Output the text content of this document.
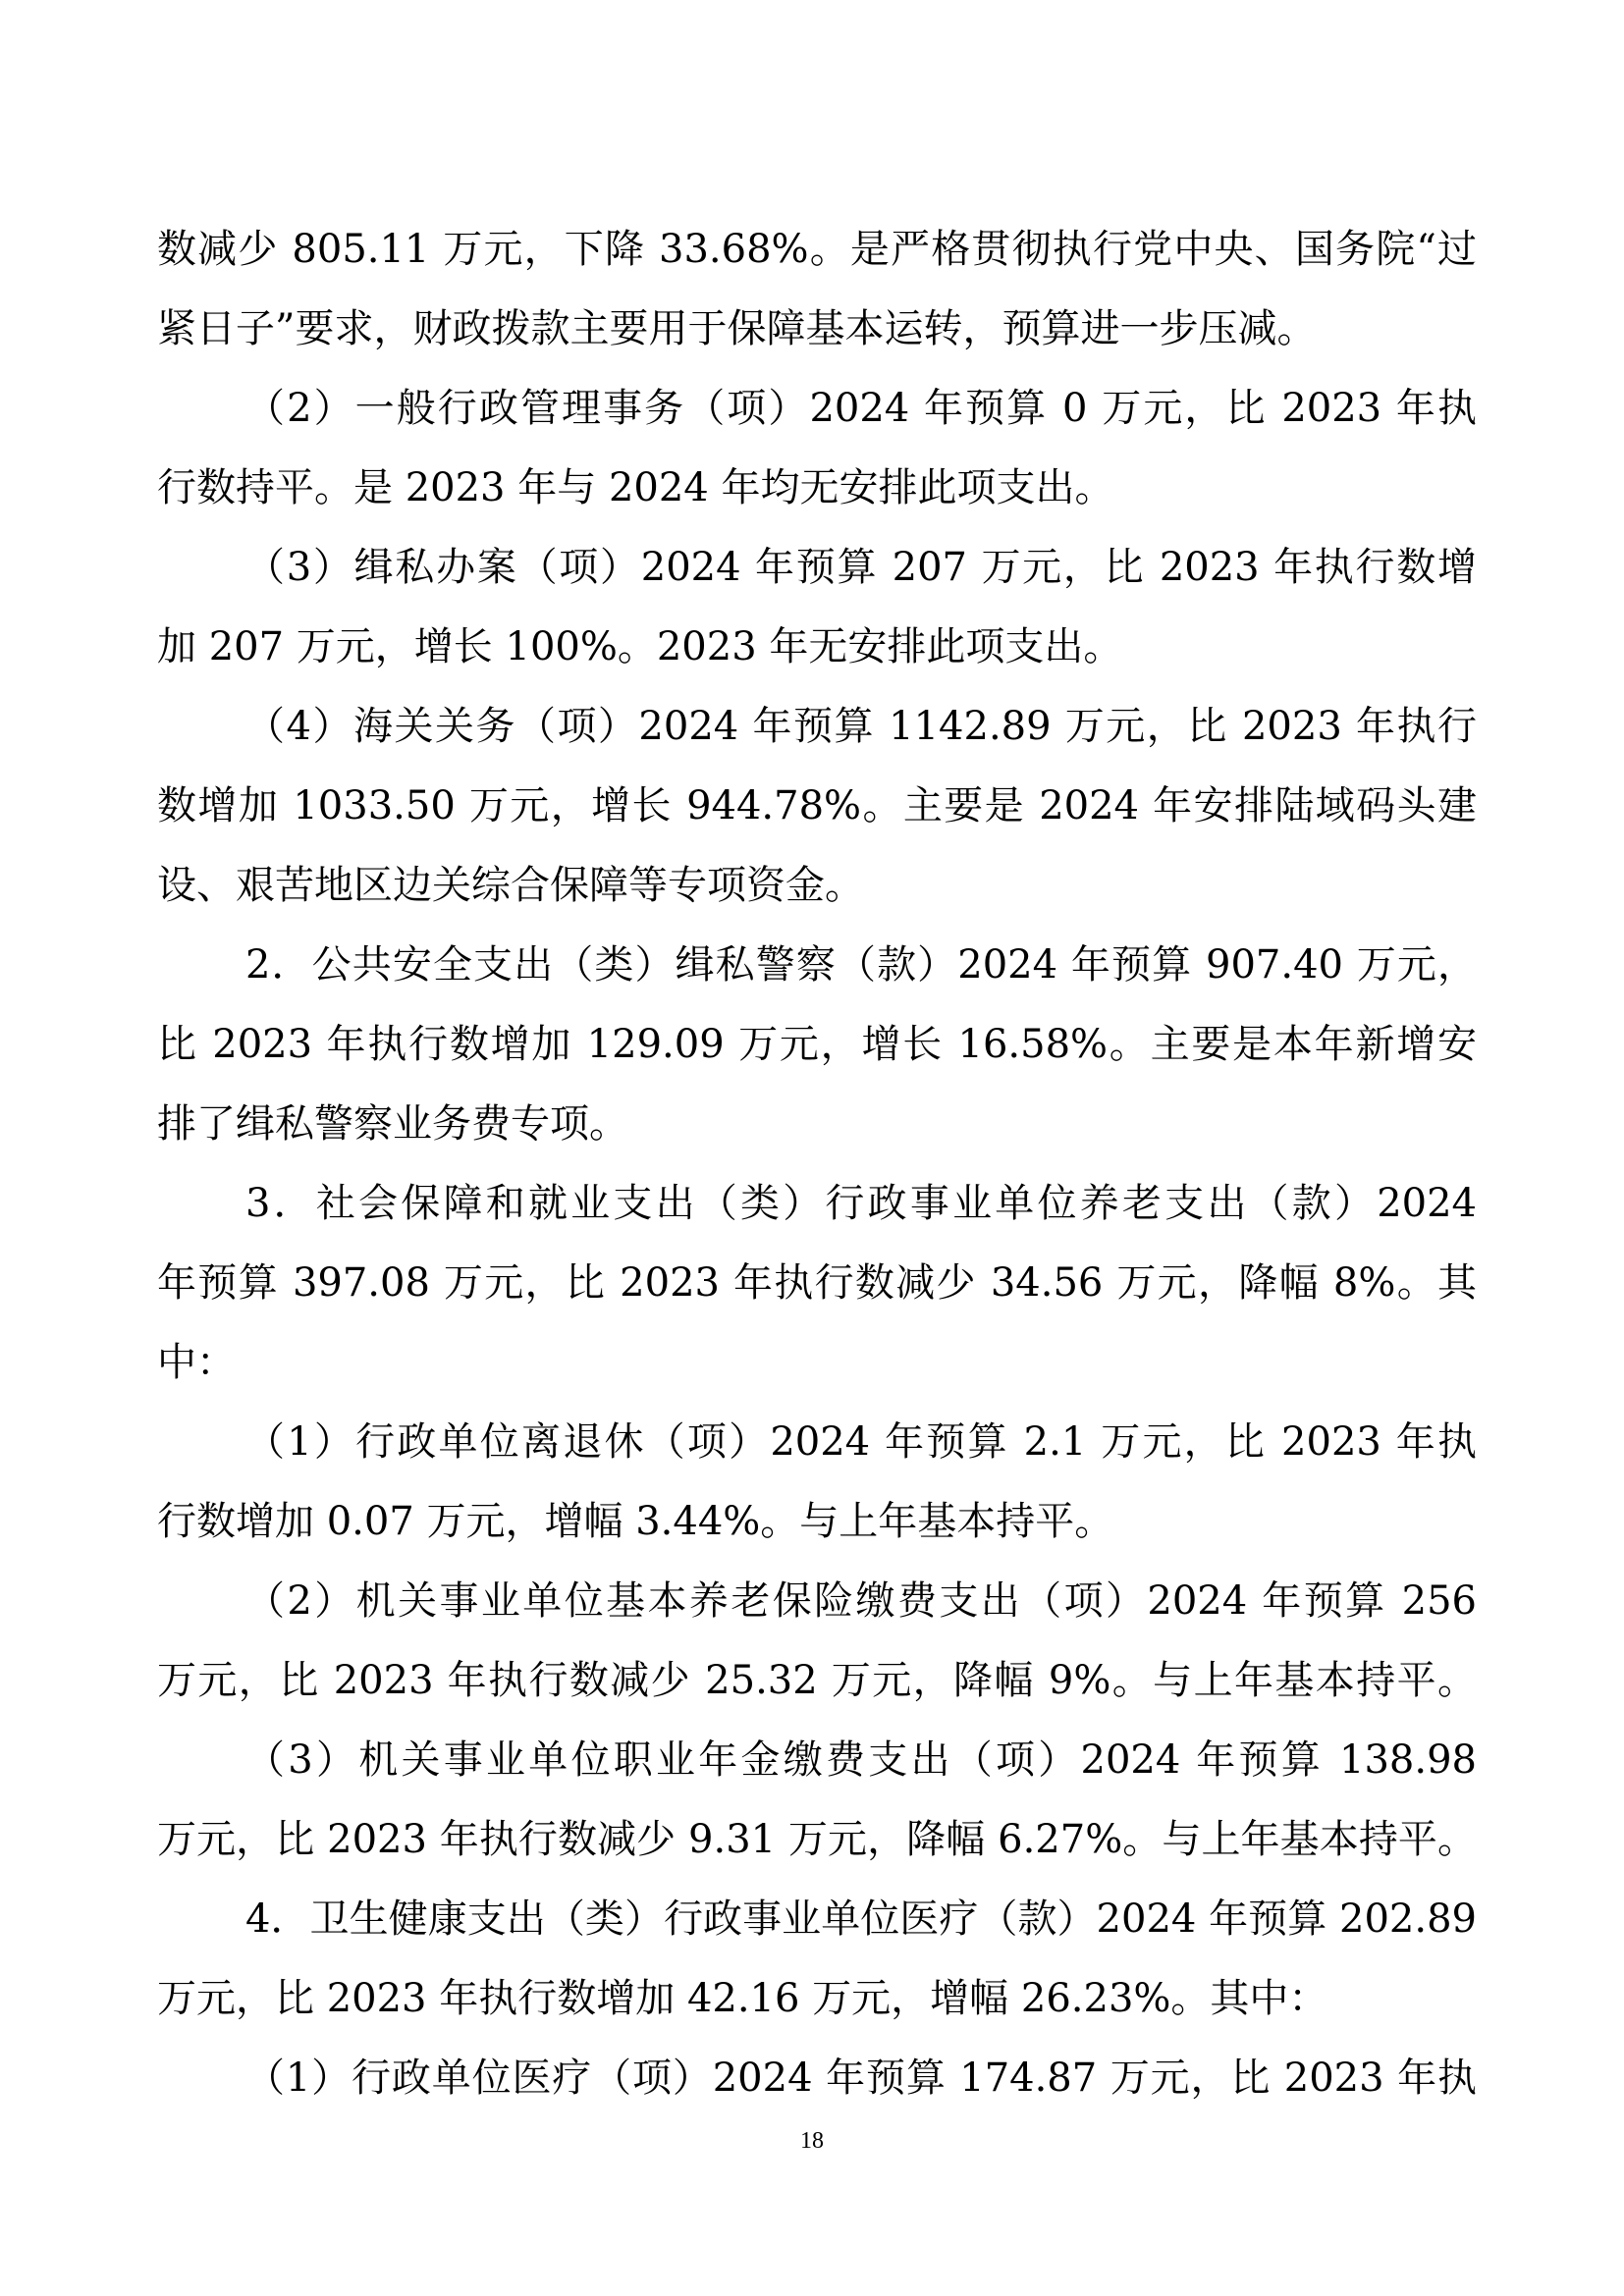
数减少 805.11 万元，下降 33.68%。是严格贯彻执行党中央、国务院“过
紧日子”要求，财政拨款主要用于保障基本运转，预算进一步压减。
（2）一般行政管理事务（项）2024 年预算 0 万元，比 2023 年执
行数持平。是 2023 年与 2024 年均无安排此项支出。
（3）缉私办案（项）2024 年预算 207 万元，比 2023 年执行数增
加 207 万元，增长 100%。2023 年无安排此项支出。
（4）海关关务（项）2024 年预算 1142.89 万元，比 2023 年执行
数增加 1033.50 万元，增长 944.78%。主要是 2024 年安排陆域码头建
设、艰苦地区边关综合保障等专项资金。
2．公共安全支出（类）缉私警察（款）2024 年预算 907.40 万元，
比 2023 年执行数增加 129.09 万元，增长 16.58%。主要是本年新增安
排了缉私警察业务费专项。
3．社会保障和就业支出（类）行政事业单位养老支出（款）2024
年预算 397.08 万元，比 2023 年执行数减少 34.56 万元，降幅 8%。其
中：
（1）行政单位离退休（项）2024 年预算 2.1 万元，比 2023 年执
行数增加 0.07 万元，增幅 3.44%。与上年基本持平。
（2）机关事业单位基本养老保险缴费支出（项）2024 年预算 256
万元，比 2023 年执行数减少 25.32 万元，降幅 9%。与上年基本持平。
（3）机关事业单位职业年金缴费支出（项）2024 年预算 138.98
万元，比 2023 年执行数减少 9.31 万元，降幅 6.27%。与上年基本持平。
4．卫生健康支出（类）行政事业单位医疗（款）2024 年预算 202.89
万元，比 2023 年执行数增加 42.16 万元，增幅 26.23%。其中：
（1）行政单位医疗（项）2024 年预算 174.87 万元，比 2023 年执
18
